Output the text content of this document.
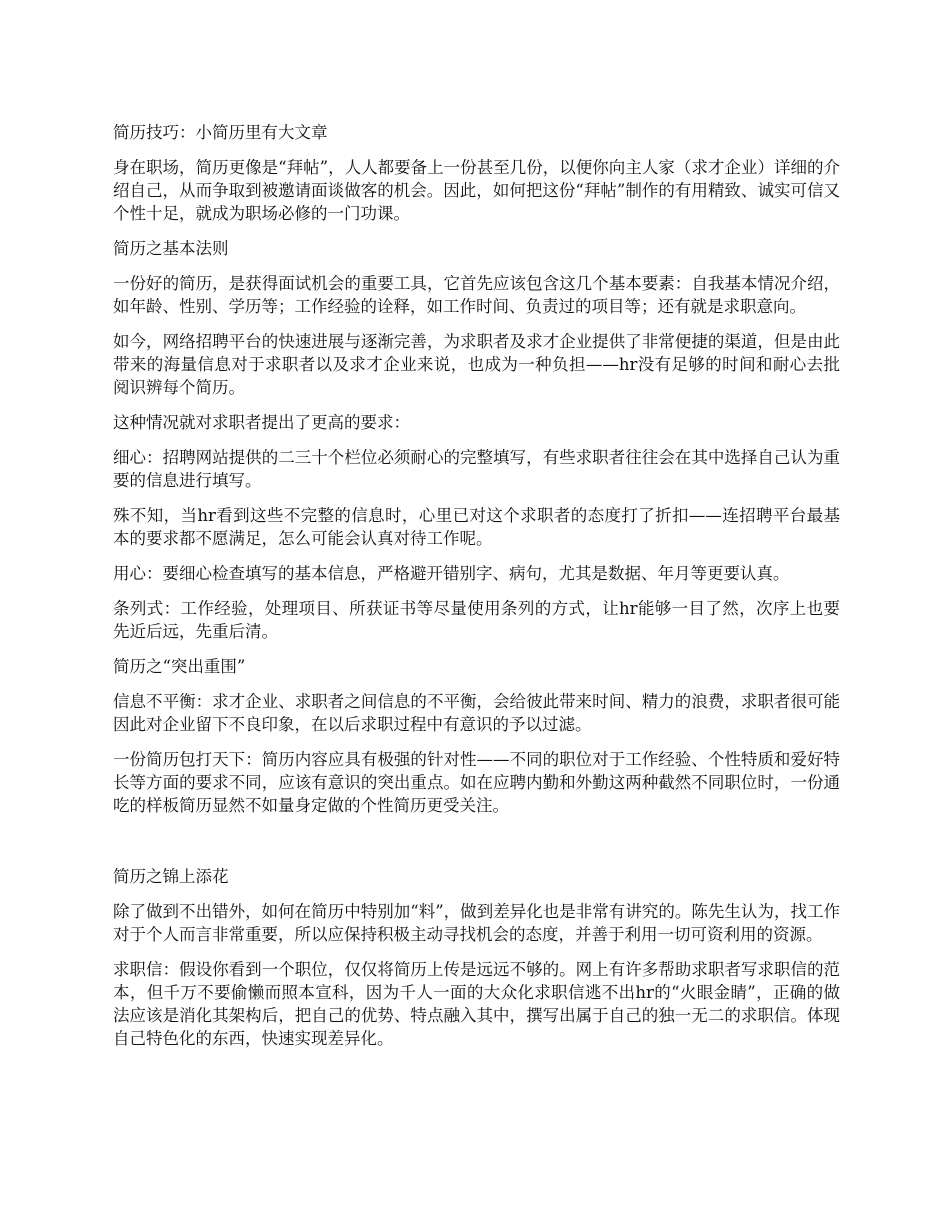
简历技巧：小简历里有大文章

身在职场，简历更像是“拜帖”，人人都要备上一份甚至几份，以便你向主人家（求才企业）详细的介绍自己，从而争取到被邀请面谈做客的机会。因此，如何把这份“拜帖”制作的有用精致、诚实可信又个性十足，就成为职场必修的一门功课。

简历之基本法则

一份好的简历，是获得面试机会的重要工具，它首先应该包含这几个基本要素：自我基本情况介绍，如年龄、性别、学历等；工作经验的诠释，如工作时间、负责过的项目等；还有就是求职意向。

如今，网络招聘平台的快速进展与逐渐完善，为求职者及求才企业提供了非常便捷的渠道，但是由此带来的海量信息对于求职者以及求才企业来说，也成为一种负担——hr没有足够的时间和耐心去批阅识辨每个简历。

这种情况就对求职者提出了更高的要求：

细心：招聘网站提供的二三十个栏位必须耐心的完整填写，有些求职者往往会在其中选择自己认为重要的信息进行填写。

殊不知，当hr看到这些不完整的信息时，心里已对这个求职者的态度打了折扣——连招聘平台最基本的要求都不愿满足，怎么可能会认真对待工作呢。

用心：要细心检查填写的基本信息，严格避开错别字、病句，尤其是数据、年月等更要认真。

条列式：工作经验，处理项目、所获证书等尽量使用条列的方式，让hr能够一目了然，次序上也要先近后远，先重后清。

简历之“突出重围”

信息不平衡：求才企业、求职者之间信息的不平衡，会给彼此带来时间、精力的浪费，求职者很可能因此对企业留下不良印象，在以后求职过程中有意识的予以过滤。

一份简历包打天下：简历内容应具有极强的针对性——不同的职位对于工作经验、个性特质和爱好特长等方面的要求不同，应该有意识的突出重点。如在应聘内勤和外勤这两种截然不同职位时，一份通吃的样板简历显然不如量身定做的个性简历更受关注。

简历之锦上添花

除了做到不出错外，如何在简历中特别加“料”，做到差异化也是非常有讲究的。陈先生认为，找工作对于个人而言非常重要，所以应保持积极主动寻找机会的态度，并善于利用一切可资利用的资源。

求职信：假设你看到一个职位，仅仅将简历上传是远远不够的。网上有许多帮助求职者写求职信的范本，但千万不要偷懒而照本宣科，因为千人一面的大众化求职信逃不出hr的“火眼金睛”，正确的做法应该是消化其架构后，把自己的优势、特点融入其中，撰写出属于自己的独一无二的求职信。体现自己特色化的东西，快速实现差异化。
